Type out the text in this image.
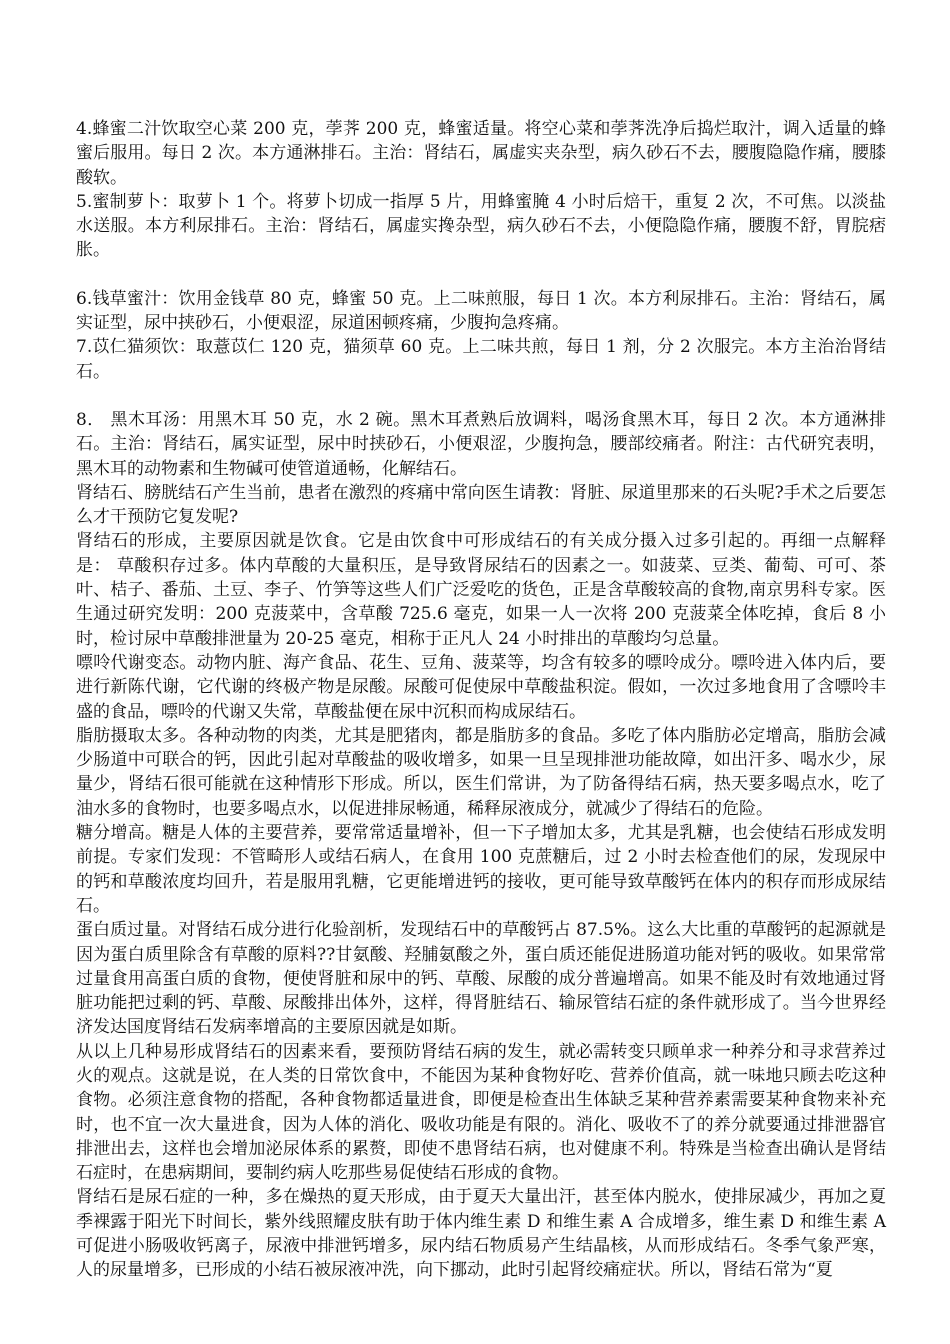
4.蜂蜜二汁饮取空心菜 200 克，荸荠 200 克，蜂蜜适量。将空心菜和荸荠洗净后捣烂取汁，调入适量的蜂蜜后服用。每日 2 次。本方通淋排石。主治：肾结石，属虚实夹杂型，病久砂石不去，腰腹隐隐作痛，腰膝酸软。

5.蜜制萝卜：取萝卜 1 个。将萝卜切成一指厚 5 片，用蜂蜜腌 4 小时后焙干，重复 2 次，不可焦。以淡盐水送服。本方利尿排石。主治：肾结石，属虚实搀杂型，病久砂石不去，小便隐隐作痛，腰腹不舒，胃脘痞胀。

6.钱草蜜汁：饮用金钱草 80 克，蜂蜜 50 克。上二味煎服，每日 1 次。本方利尿排石。主治：肾结石，属实证型，尿中挟砂石，小便艰涩，尿道困顿疼痛，少腹拘急疼痛。

7.苡仁猫须饮：取薏苡仁 120 克，猫须草 60 克。上二味共煎，每日 1 剂，分 2 次服完。本方主治治肾结石。

8． 黑木耳汤：用黑木耳 50 克，水 2 碗。黑木耳煮熟后放调料，喝汤食黑木耳，每日 2 次。本方通淋排石。主治：肾结石，属实证型，尿中时挟砂石，小便艰涩，少腹拘急，腰部绞痛者。附注：古代研究表明，黑木耳的动物素和生物碱可使管道通畅，化解结石。

肾结石、膀胱结石产生当前，患者在激烈的疼痛中常向医生请教：肾脏、尿道里那来的石头呢?手术之后要怎么才干预防它复发呢?

肾结石的形成，主要原因就是饮食。它是由饮食中可形成结石的有关成分摄入过多引起的。再细一点解释是： 草酸积存过多。体内草酸的大量积压，是导致肾尿结石的因素之一。如菠菜、豆类、葡萄、可可、茶叶、桔子、番茄、土豆、李子、竹笋等这些人们广泛爱吃的货色，正是含草酸较高的食物,南京男科专家。医生通过研究发明：200 克菠菜中，含草酸 725.6 毫克，如果一人一次将 200 克菠菜全体吃掉，食后 8 小时，检讨尿中草酸排泄量为 20-25 毫克，相称于正凡人 24 小时排出的草酸均匀总量。

嘌呤代谢变态。动物内脏、海产食品、花生、豆角、菠菜等，均含有较多的嘌呤成分。嘌呤进入体内后，要进行新陈代谢，它代谢的终极产物是尿酸。尿酸可促使尿中草酸盐积淀。假如，一次过多地食用了含嘌呤丰盛的食品，嘌呤的代谢又失常，草酸盐便在尿中沉积而构成尿结石。

脂肪摄取太多。各种动物的肉类，尤其是肥猪肉，都是脂肪多的食品。多吃了体内脂肪必定增高，脂肪会减少肠道中可联合的钙，因此引起对草酸盐的吸收增多，如果一旦呈现排泄功能故障，如出汗多、喝水少，尿量少，肾结石很可能就在这种情形下形成。所以，医生们常讲，为了防备得结石病，热天要多喝点水，吃了油水多的食物时，也要多喝点水，以促进排尿畅通，稀释尿液成分，就减少了得结石的危险。

糖分增高。糖是人体的主要营养，要常常适量增补，但一下子增加太多，尤其是乳糖，也会使结石形成发明前提。专家们发现：不管畸形人或结石病人，在食用 100 克蔗糖后，过 2 小时去检查他们的尿，发现尿中的钙和草酸浓度均回升，若是服用乳糖，它更能增进钙的接收，更可能导致草酸钙在体内的积存而形成尿结石。

蛋白质过量。对肾结石成分进行化验剖析，发现结石中的草酸钙占 87.5%。这么大比重的草酸钙的起源就是因为蛋白质里除含有草酸的原料??甘氨酸、羟脯氨酸之外，蛋白质还能促进肠道功能对钙的吸收。如果常常过量食用高蛋白质的食物，便使肾脏和尿中的钙、草酸、尿酸的成分普遍增高。如果不能及时有效地通过肾脏功能把过剩的钙、草酸、尿酸排出体外，这样，得肾脏结石、输尿管结石症的条件就形成了。当今世界经济发达国度肾结石发病率增高的主要原因就是如斯。

从以上几种易形成肾结石的因素来看，要预防肾结石病的发生，就必需转变只顾单求一种养分和寻求营养过火的观点。这就是说，在人类的日常饮食中，不能因为某种食物好吃、营养价值高，就一味地只顾去吃这种食物。必须注意食物的搭配，各种食物都适量进食，即便是检查出生体缺乏某种营养素需要某种食物来补充时，也不宜一次大量进食，因为人体的消化、吸收功能是有限的。消化、吸收不了的养分就要通过排泄器官排泄出去，这样也会增加泌尿体系的累赘，即使不患肾结石病，也对健康不利。特殊是当检查出确认是肾结石症时，在患病期间，要制约病人吃那些易促使结石形成的食物。

肾结石是尿石症的一种，多在燥热的夏天形成，由于夏天大量出汗，甚至体内脱水，使排尿减少，再加之夏季裸露于阳光下时间长，紫外线照耀皮肤有助于体内维生素 D 和维生素 A 合成增多，维生素 D 和维生素 A 可促进小肠吸收钙离子，尿液中排泄钙增多，尿内结石物质易产生结晶核，从而形成结石。冬季气象严寒，人的尿量增多，已形成的小结石被尿液冲洗，向下挪动，此时引起肾绞痛症状。所以，肾结石常为“夏
